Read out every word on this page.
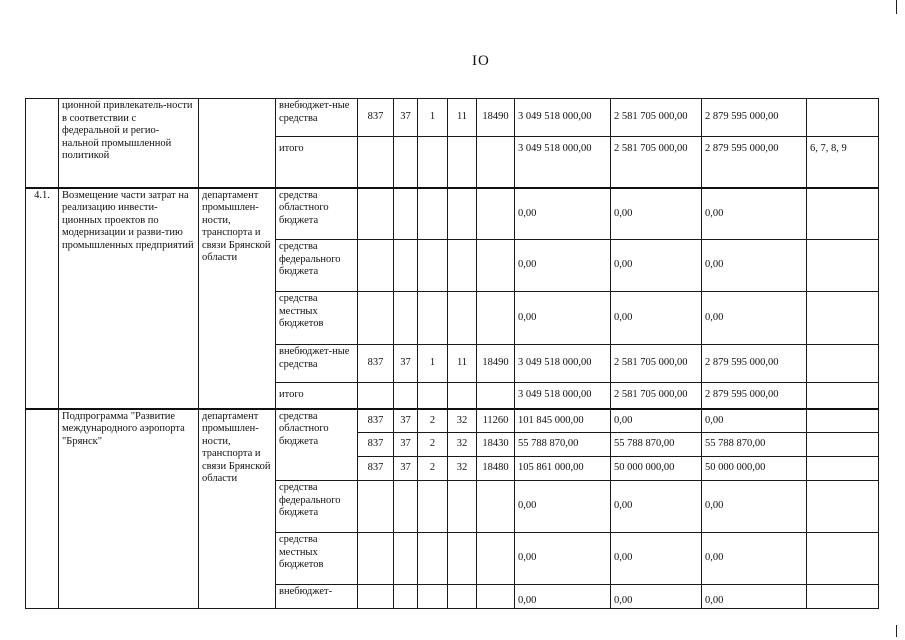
IO
	ционной привлекатель-ности в соответствии с федеральной и регио-нальной промышленной политикой		внебюджет-ные средства	837	37	1	11	18490	3 049 518 000,00	2 581 705 000,00	2 879 595 000,00	
			итого						3 049 518 000,00	2 581 705 000,00	2 879 595 000,00	6, 7, 8, 9
4.1.	Возмещение части затрат на реализацию инвести-ционных проектов по модернизации и разви-тию промышленных предприятий	департамент промышлен-ности, транспорта и связи Брянской области	средства областного бюджета						0,00	0,00	0,00	
			средства федерального бюджета						0,00	0,00	0,00	
			средства местных бюджетов						0,00	0,00	0,00	
			внебюджет-ные средства	837	37	1	11	18490	3 049 518 000,00	2 581 705 000,00	2 879 595 000,00	
			итого						3 049 518 000,00	2 581 705 000,00	2 879 595 000,00	
	Подпрограмма "Развитие международного аэропорта "Брянск"	департамент промышлен-ности, транспорта и связи Брянской области	средства областного бюджета	837	37	2	32	11260	101 845 000,00	0,00	0,00	
				837	37	2	32	18430	55 788 870,00	55 788 870,00	55 788 870,00	
				837	37	2	32	18480	105 861 000,00	50 000 000,00	50 000 000,00	
			средства федерального бюджета						0,00	0,00	0,00	
			средства местных бюджетов						0,00	0,00	0,00	
			внебюджет-						0,00	0,00	0,00	
